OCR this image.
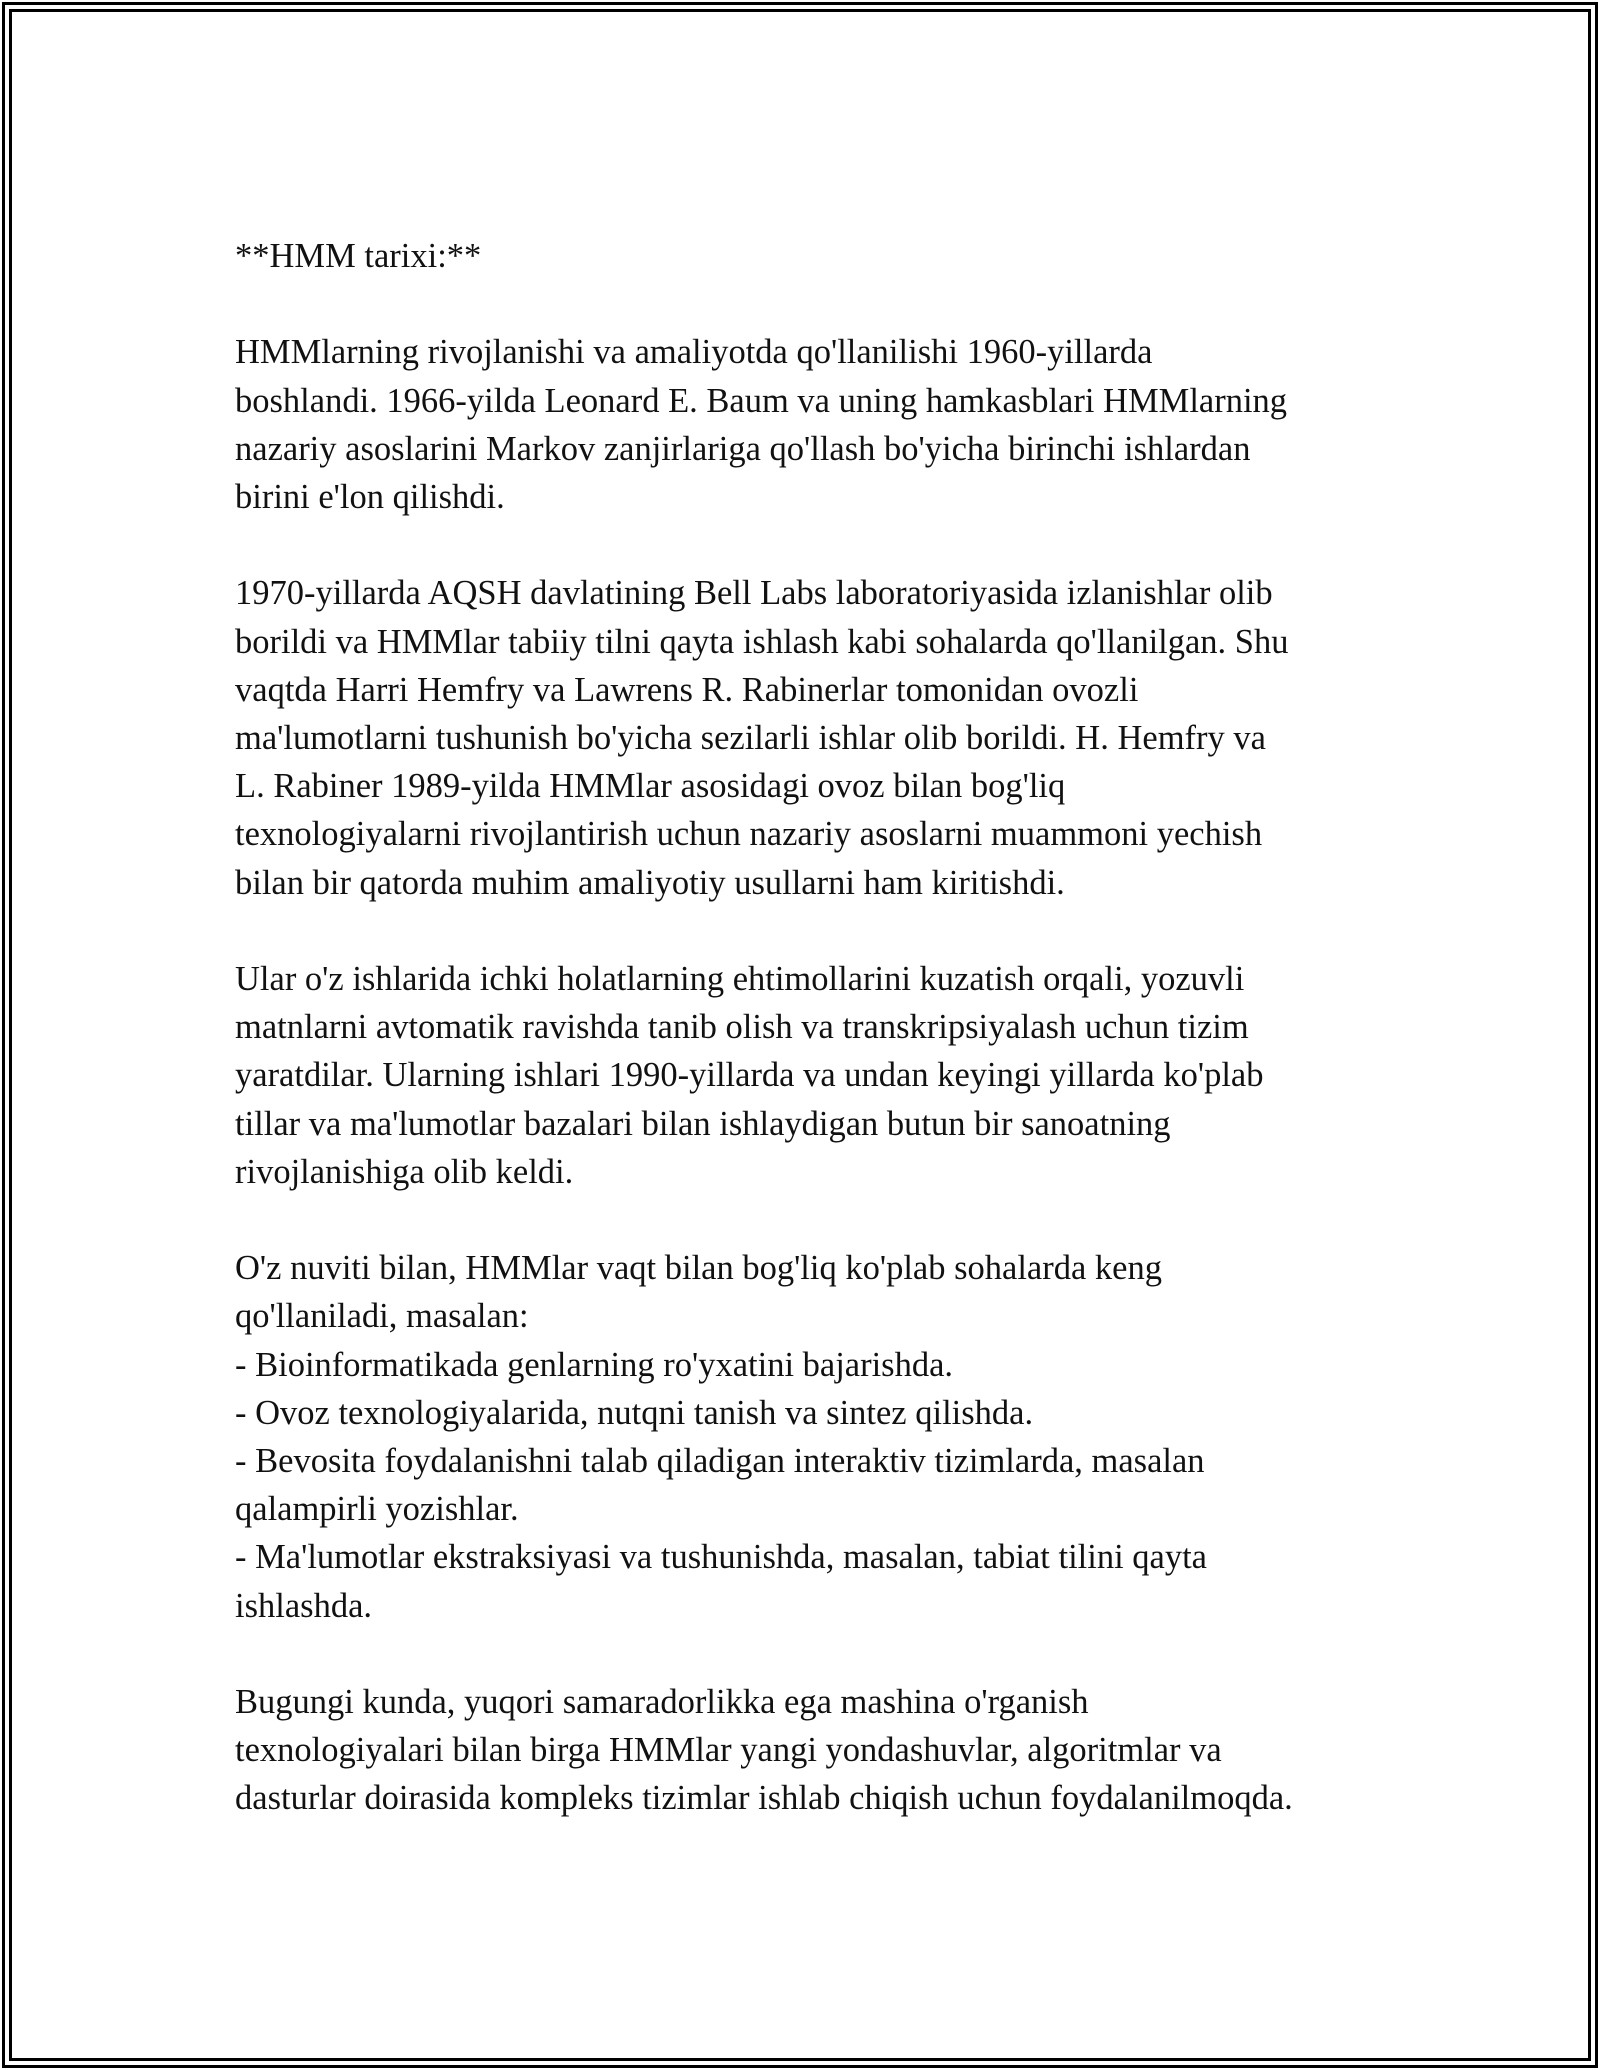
**HMM tarixi:**
HMMlarning rivojlanishi va amaliyotda qo'llanilishi 1960-yillarda
boshlandi. 1966-yilda Leonard E. Baum va uning hamkasblari HMMlarning
nazariy asoslarini Markov zanjirlariga qo'llash bo'yicha birinchi ishlardan
birini e'lon qilishdi.
1970-yillarda AQSH davlatining Bell Labs laboratoriyasida izlanishlar olib
borildi va HMMlar tabiiy tilni qayta ishlash kabi sohalarda qo'llanilgan. Shu
vaqtda Harri Hemfry va Lawrens R. Rabinerlar tomonidan ovozli
ma'lumotlarni tushunish bo'yicha sezilarli ishlar olib borildi. H. Hemfry va
L. Rabiner 1989-yilda HMMlar asosidagi ovoz bilan bog'liq
texnologiyalarni rivojlantirish uchun nazariy asoslarni muammoni yechish
bilan bir qatorda muhim amaliyotiy usullarni ham kiritishdi.
Ular o'z ishlarida ichki holatlarning ehtimollarini kuzatish orqali, yozuvli
matnlarni avtomatik ravishda tanib olish va transkripsiyalash uchun tizim
yaratdilar. Ularning ishlari 1990-yillarda va undan keyingi yillarda ko'plab
tillar va ma'lumotlar bazalari bilan ishlaydigan butun bir sanoatning
rivojlanishiga olib keldi.
O'z nuviti bilan, HMMlar vaqt bilan bog'liq ko'plab sohalarda keng
qo'llaniladi, masalan:
- Bioinformatikada genlarning ro'yxatini bajarishda.
- Ovoz texnologiyalarida, nutqni tanish va sintez qilishda.
- Bevosita foydalanishni talab qiladigan interaktiv tizimlarda, masalan
qalampirli yozishlar.
- Ma'lumotlar ekstraksiyasi va tushunishda, masalan, tabiat tilini qayta
ishlashda.
Bugungi kunda, yuqori samaradorlikka ega mashina o'rganish
texnologiyalari bilan birga HMMlar yangi yondashuvlar, algoritmlar va
dasturlar doirasida kompleks tizimlar ishlab chiqish uchun foydalanilmoqda.
